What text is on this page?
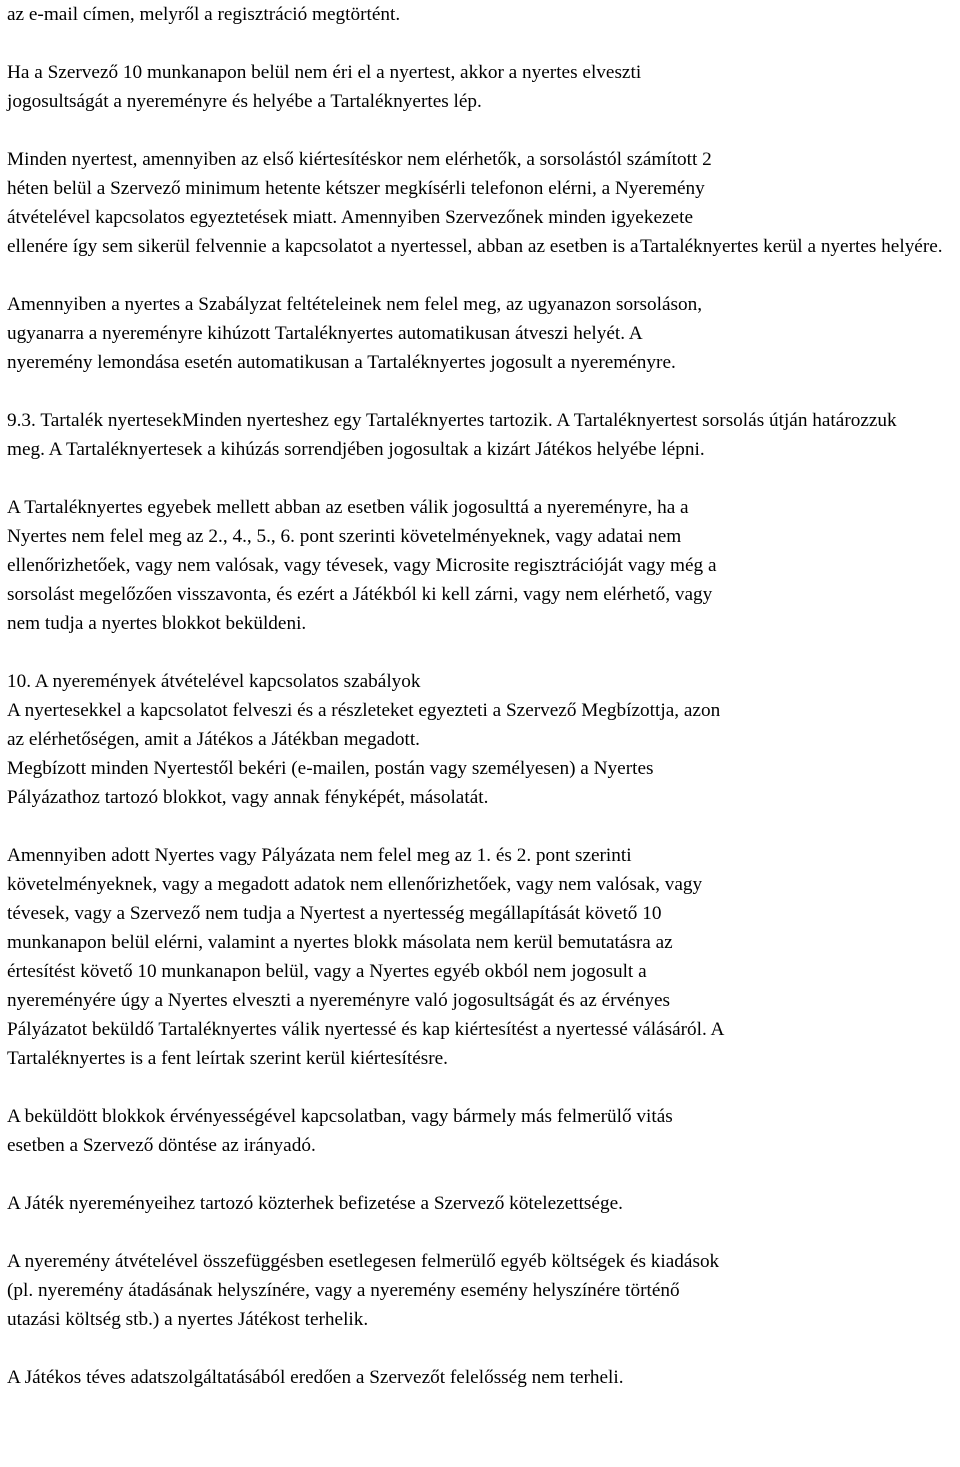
az e-mail címen, melyről a regisztráció megtörtént.
Ha a Szervező 10 munkanapon belül nem éri el a nyertest, akkor a nyertes elvesztijogosultságát a nyereményre és helyébe a Tartaléknyertes lép.
Minden nyertest, amennyiben az első kiértesítéskor nem elérhetők, a sorsolástól számított 2héten belül a Szervező minimum hetente kétszer megkísérli telefonon elérni, a Nyereményátvételével kapcsolatos egyeztetések miatt. Amennyiben Szervezőnek minden igyekezeteellenére így sem sikerül felvennie a kapcsolatot a nyertessel, abban az esetben is aTartaléknyertes kerül a nyertes helyére.
Amennyiben a nyertes a Szabályzat feltételeinek nem felel meg, az ugyanazon sorsoláson,ugyanarra a nyereményre kihúzott Tartaléknyertes automatikusan átveszi helyét. Anyeremény lemondása esetén automatikusan a Tartaléknyertes jogosult a nyereményre.
9.3. Tartalék nyertesekMinden nyerteshez egy Tartaléknyertes tartozik. A Tartaléknyertest sorsolás útján határozzukmeg. A Tartaléknyertesek a kihúzás sorrendjében jogosultak a kizárt Játékos helyébe lépni.
A Tartaléknyertes egyebek mellett abban az esetben válik jogosulttá a nyereményre, ha aNyertes nem felel meg az 2., 4., 5., 6. pont szerinti követelményeknek, vagy adatai nemellenőrizhetőek, vagy nem valósak, vagy tévesek, vagy Microsite regisztrációját vagy még asorsolást megelőzően visszavonta, és ezért a Játékból ki kell zárni, vagy nem elérhető, vagynem tudja a nyertes blokkot beküldeni.
10. A nyeremények átvételével kapcsolatos szabályokA nyertesekkel a kapcsolatot felveszi és a részleteket egyezteti a Szervező Megbízottja, azonaz elérhetőségen, amit a Játékos a Játékban megadott.Megbízott minden Nyertestől bekéri (e-mailen, postán vagy személyesen) a NyertesPályázathoz tartozó blokkot, vagy annak fényképét, másolatát.
Amennyiben adott Nyertes vagy Pályázata nem felel meg az 1. és 2. pont szerintikövetelményeknek, vagy a megadott adatok nem ellenőrizhetőek, vagy nem valósak, vagytévesek, vagy a Szervező nem tudja a Nyertest a nyertesség megállapítását követő 10munkanapon belül elérni, valamint a nyertes blokk másolata nem kerül bemutatásra azértesítést követő 10 munkanapon belül, vagy a Nyertes egyéb okból nem jogosult anyereményére úgy a Nyertes elveszti a nyereményre való jogosultságát és az érvényesPályázatot beküldő Tartaléknyertes válik nyertessé és kap kiértesítést a nyertessé válásáról. ATartaléknyertes is a fent leírtak szerint kerül kiértesítésre.
A beküldött blokkok érvényességével kapcsolatban, vagy bármely más felmerülő vitásesetben a Szervező döntése az irányadó.
A Játék nyereményeihez tartozó közterhek befizetése a Szervező kötelezettsége.
A nyeremény átvételével összefüggésben esetlegesen felmerülő egyéb költségek és kiadások(pl. nyeremény átadásának helyszínére, vagy a nyeremény esemény helyszínére történőutazási költség stb.) a nyertes Játékost terhelik.
A Játékos téves adatszolgáltatásából eredően a Szervezőt felelősség nem terheli.
